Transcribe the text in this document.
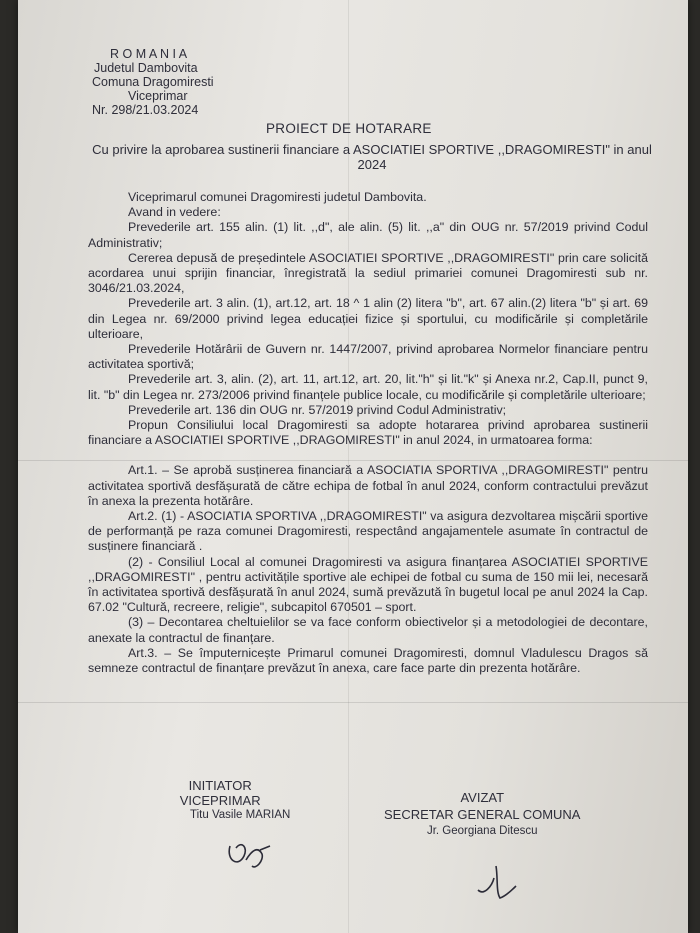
R O M A N I A
Judetul Dambovita
Comuna Dragomiresti
Viceprimar
Nr. 298/21.03.2024
PROIECT DE HOTARARE
Cu privire la aprobarea sustinerii financiare a ASOCIATIEI SPORTIVE ,,DRAGOMIRESTI" in anul 2024

Viceprimarul comunei Dragomiresti judetul Dambovita.

Avand in vedere:

Prevederile art. 155 alin. (1) lit. ,,d", ale alin. (5) lit. ,,a" din OUG nr. 57/2019 privind Codul Administrativ;

Cererea depusă de președintele ASOCIATIEI SPORTIVE ,,DRAGOMIRESTI" prin care solicită acordarea unui sprijin financiar, înregistrată la sediul primariei comunei Dragomiresti sub nr. 3046/21.03.2024,

Prevederile art. 3 alin. (1), art.12, art. 18 ^ 1 alin (2) litera "b", art. 67 alin.(2) litera "b" și art. 69 din Legea nr. 69/2000 privind legea educației fizice și sportului, cu modificările și completările ulterioare,

Prevederile Hotărârii de Guvern nr. 1447/2007, privind aprobarea Normelor financiare pentru activitatea sportivă;

Prevederile art. 3, alin. (2), art. 11, art.12, art. 20, lit."h" și lit."k" și Anexa nr.2, Cap.II, punct 9, lit. "b" din Legea nr. 273/2006 privind finanțele publice locale, cu modificările și completările ulterioare;

Prevederile art. 136 din OUG nr. 57/2019 privind Codul Administrativ;

Propun Consiliului local Dragomiresti sa adopte hotararea privind aprobarea sustinerii financiare a ASOCIATIEI SPORTIVE ,,DRAGOMIRESTI" in anul 2024, in urmatoarea forma:

Art.1. – Se aprobă susținerea financiară a ASOCIATIA SPORTIVA ,,DRAGOMIRESTI" pentru activitatea sportivă desfășurată de către echipa de fotbal în anul 2024, conform contractului prevăzut în anexa la prezenta hotărâre.

Art.2. (1) - ASOCIATIA SPORTIVA ,,DRAGOMIRESTI" va asigura dezvoltarea mișcării sportive de performanță pe raza comunei Dragomiresti, respectând angajamentele asumate în contractul de susținere financiară .

(2) - Consiliul Local al comunei Dragomiresti va asigura finanțarea ASOCIATIEI SPORTIVE ,,DRAGOMIRESTI" , pentru activitățile sportive ale echipei de fotbal cu suma de 150 mii lei, necesară în activitatea sportivă desfășurată în anul 2024, sumă prevăzută în bugetul local pe anul 2024 la Cap. 67.02 "Cultură, recreere, religie", subcapitol 670501 – sport.

(3) – Decontarea cheltuielilor se va face conform obiectivelor și a metodologiei de decontare, anexate la contractul de finanțare.

Art.3. – Se împuternicește Primarul comunei Dragomiresti, domnul Vladulescu Dragos să semneze contractul de finanțare prevăzut în anexa, care face parte din prezenta hotărâre.

INITIATOR
VICEPRIMAR
Titu Vasile MARIAN
AVIZAT
SECRETAR GENERAL COMUNA
Jr. Georgiana Ditescu
